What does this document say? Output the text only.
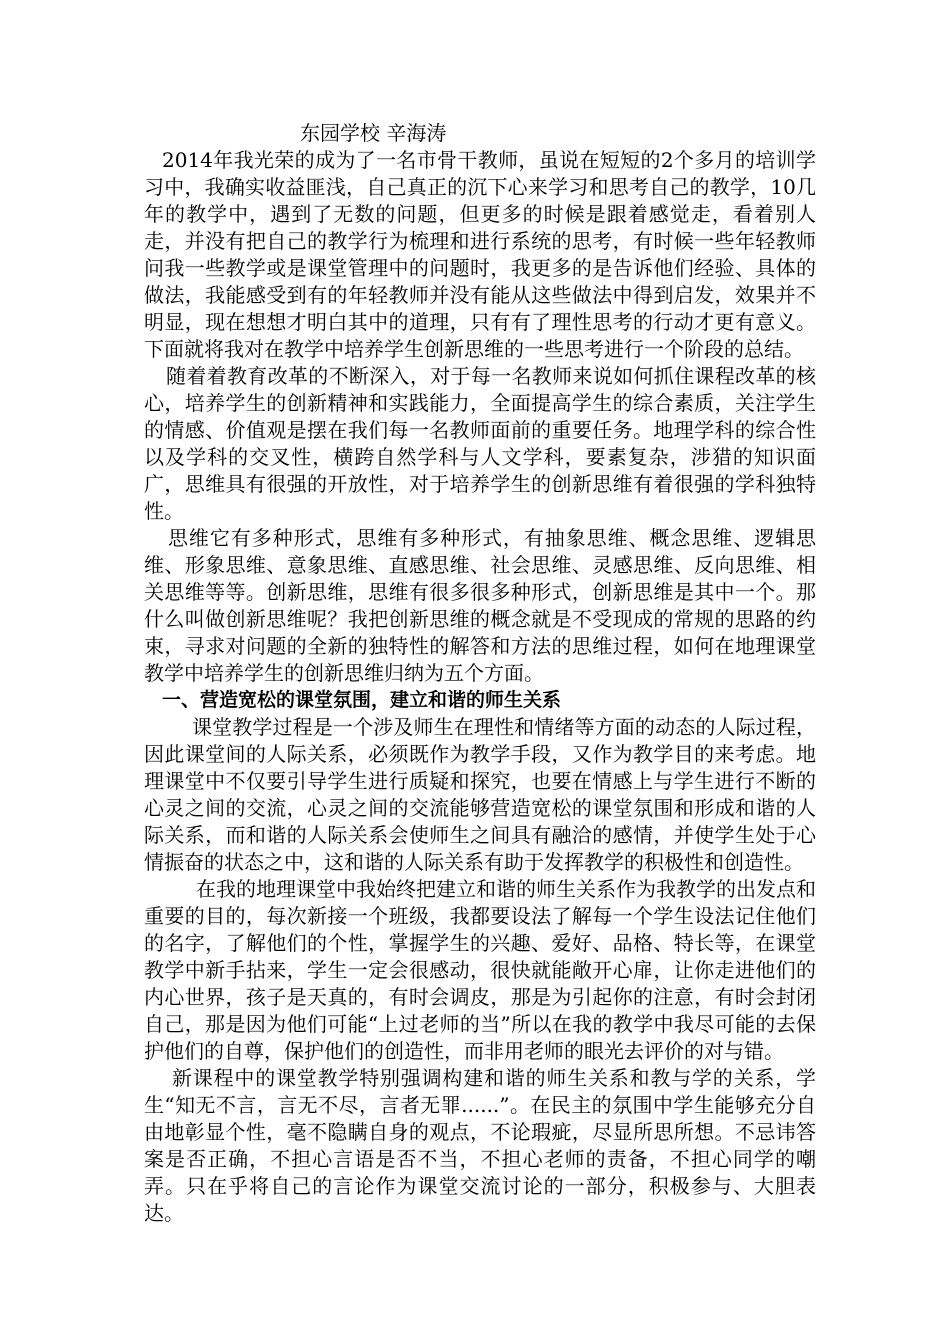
东园学校 辛海涛

2014年我光荣的成为了一名市骨干教师，虽说在短短的2个多月的培训学习中，我确实收益匪浅，自己真正的沉下心来学习和思考自己的教学，10几年的教学中，遇到了无数的问题，但更多的时候是跟着感觉走，看着别人走，并没有把自己的教学行为梳理和进行系统的思考，有时候一些年轻教师问我一些教学或是课堂管理中的问题时，我更多的是告诉他们经验、具体的做法，我能感受到有的年轻教师并没有能从这些做法中得到启发，效果并不明显，现在想想才明白其中的道理，只有有了理性思考的行动才更有意义。下面就将我对在教学中培养学生创新思维的一些思考进行一个阶段的总结。

随着着教育改革的不断深入，对于每一名教师来说如何抓住课程改革的核心，培养学生的创新精神和实践能力，全面提高学生的综合素质，关注学生的情感、价值观是摆在我们每一名教师面前的重要任务。地理学科的综合性以及学科的交叉性，横跨自然学科与人文学科，要素复杂，涉猎的知识面广，思维具有很强的开放性，对于培养学生的创新思维有着很强的学科独特性。

思维它有多种形式，思维有多种形式，有抽象思维、概念思维、逻辑思维、形象思维、意象思维、直感思维、社会思维、灵感思维、反向思维、相关思维等等。创新思维，思维有很多很多种形式，创新思维是其中一个。那什么叫做创新思维呢？我把创新思维的概念就是不受现成的常规的思路的约束，寻求对问题的全新的独特性的解答和方法的思维过程，如何在地理课堂教学中培养学生的创新思维归纳为五个方面。

一、营造宽松的课堂氛围，建立和谐的师生关系

课堂教学过程是一个涉及师生在理性和情绪等方面的动态的人际过程，因此课堂间的人际关系，必须既作为教学手段，又作为教学目的来考虑。地理课堂中不仅要引导学生进行质疑和探究，也要在情感上与学生进行不断的心灵之间的交流，心灵之间的交流能够营造宽松的课堂氛围和形成和谐的人际关系，而和谐的人际关系会使师生之间具有融洽的感情，并使学生处于心情振奋的状态之中，这和谐的人际关系有助于发挥教学的积极性和创造性。

在我的地理课堂中我始终把建立和谐的师生关系作为我教学的出发点和重要的目的，每次新接一个班级，我都要设法了解每一个学生设法记住他们的名字，了解他们的个性，掌握学生的兴趣、爱好、品格、特长等，在课堂教学中新手拈来，学生一定会很感动，很快就能敞开心扉，让你走进他们的内心世界，孩子是天真的，有时会调皮，那是为引起你的注意，有时会封闭自己，那是因为他们可能“上过老师的当”所以在我的教学中我尽可能的去保护他们的自尊，保护他们的创造性，而非用老师的眼光去评价的对与错。

新课程中的课堂教学特别强调构建和谐的师生关系和教与学的关系，学生“知无不言，言无不尽，言者无罪......”。在民主的氛围中学生能够充分自由地彰显个性，毫不隐瞒自身的观点，不论瑕疵，尽显所思所想。不忌讳答案是否正确，不担心言语是否不当，不担心老师的责备，不担心同学的嘲弄。只在乎将自己的言论作为课堂交流讨论的一部分，积极参与、大胆表达。
